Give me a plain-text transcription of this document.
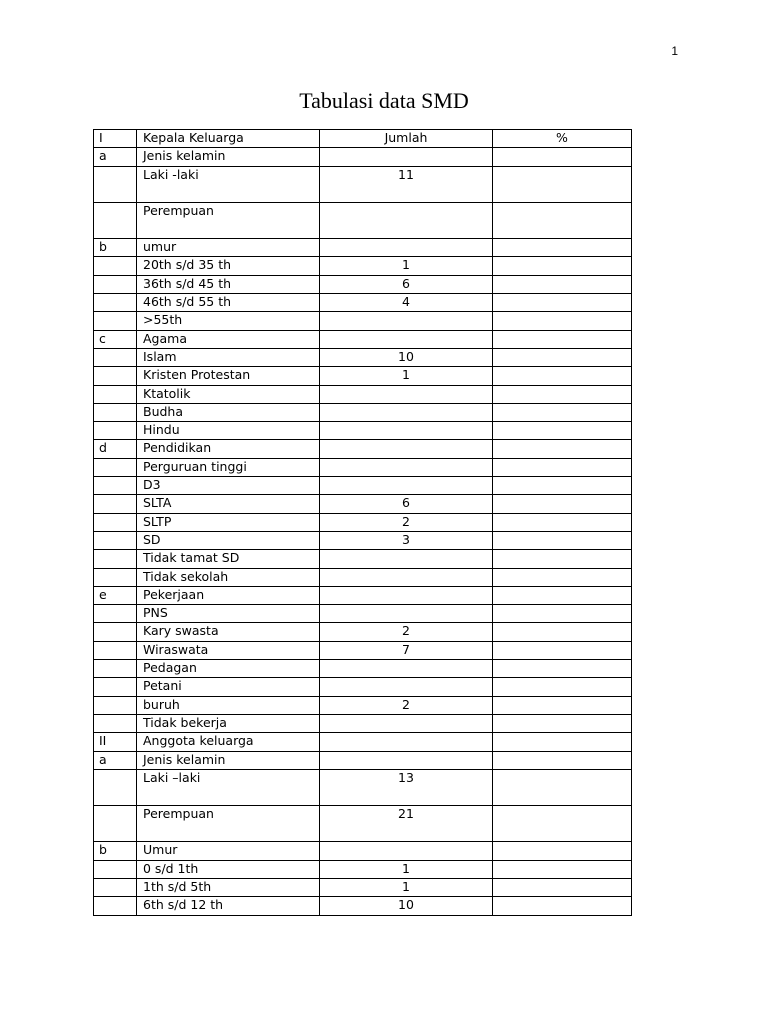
1
Tabulasi data SMD
I	Kepala Keluarga	Jumlah	%
a	Jenis kelamin		
	Laki -laki	11	
	Perempuan		
b	umur		
	20th s/d 35 th	1	
	36th s/d 45 th	6	
	46th s/d 55 th	4	
	>55th		
c	Agama		
	Islam	10	
	Kristen Protestan	1	
	Ktatolik		
	Budha		
	Hindu		
d	Pendidikan		
	Perguruan tinggi		
	D3		
	SLTA	6	
	SLTP	2	
	SD	3	
	Tidak tamat SD		
	Tidak sekolah		
e	Pekerjaan		
	PNS		
	Kary swasta	2	
	Wiraswata	7	
	Pedagan		
	Petani		
	buruh	2	
	Tidak bekerja		
II	Anggota keluarga		
a	Jenis kelamin		
	Laki –laki	13	
	Perempuan	21	
b	Umur		
	0 s/d 1th	1	
	1th s/d 5th	1	
	6th s/d 12 th	10	
